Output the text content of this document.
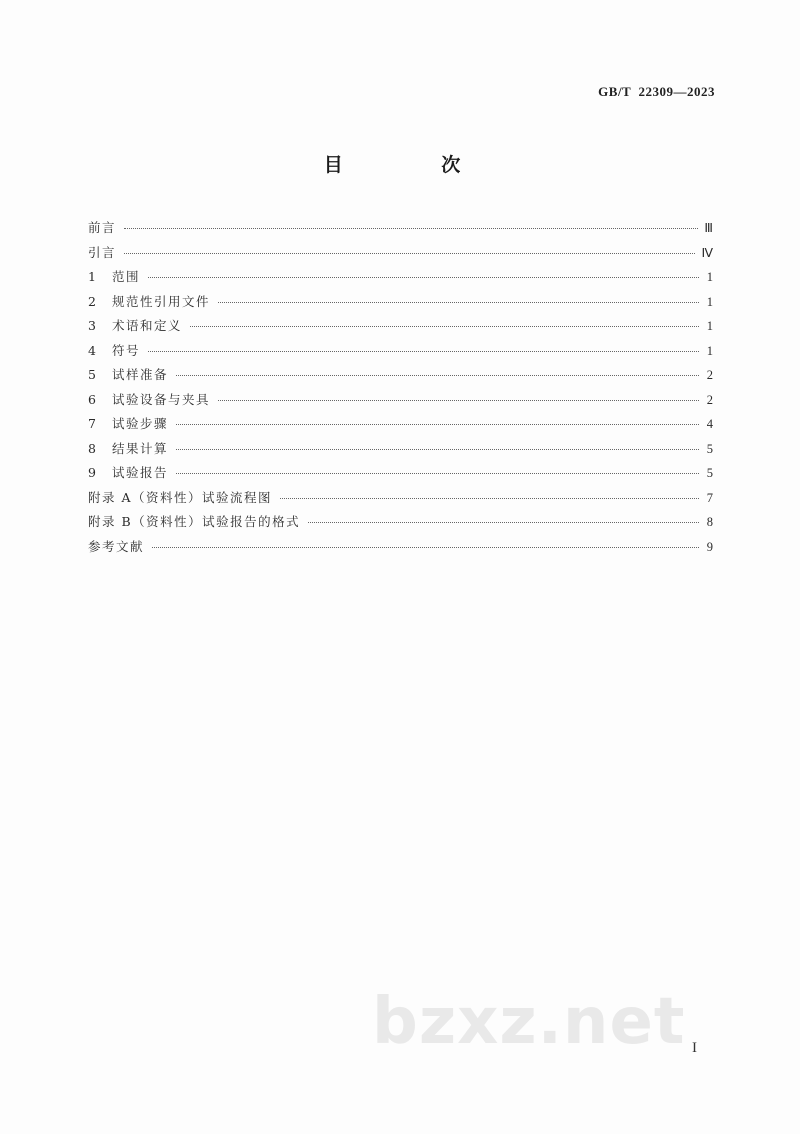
GB/T  22309—2023
目 次
前言	Ⅲ
引言	Ⅳ
1	范围	1
2	规范性引用文件	1
3	术语和定义	1
4	符号	1
5	试样准备	2
6	试验设备与夹具	2
7	试验步骤	4
8	结果计算	5
9	试验报告	5
附录 A（资料性）试验流程图	7
附录 B（资料性）试验报告的格式	8
参考文献	9
bzxz.net I
